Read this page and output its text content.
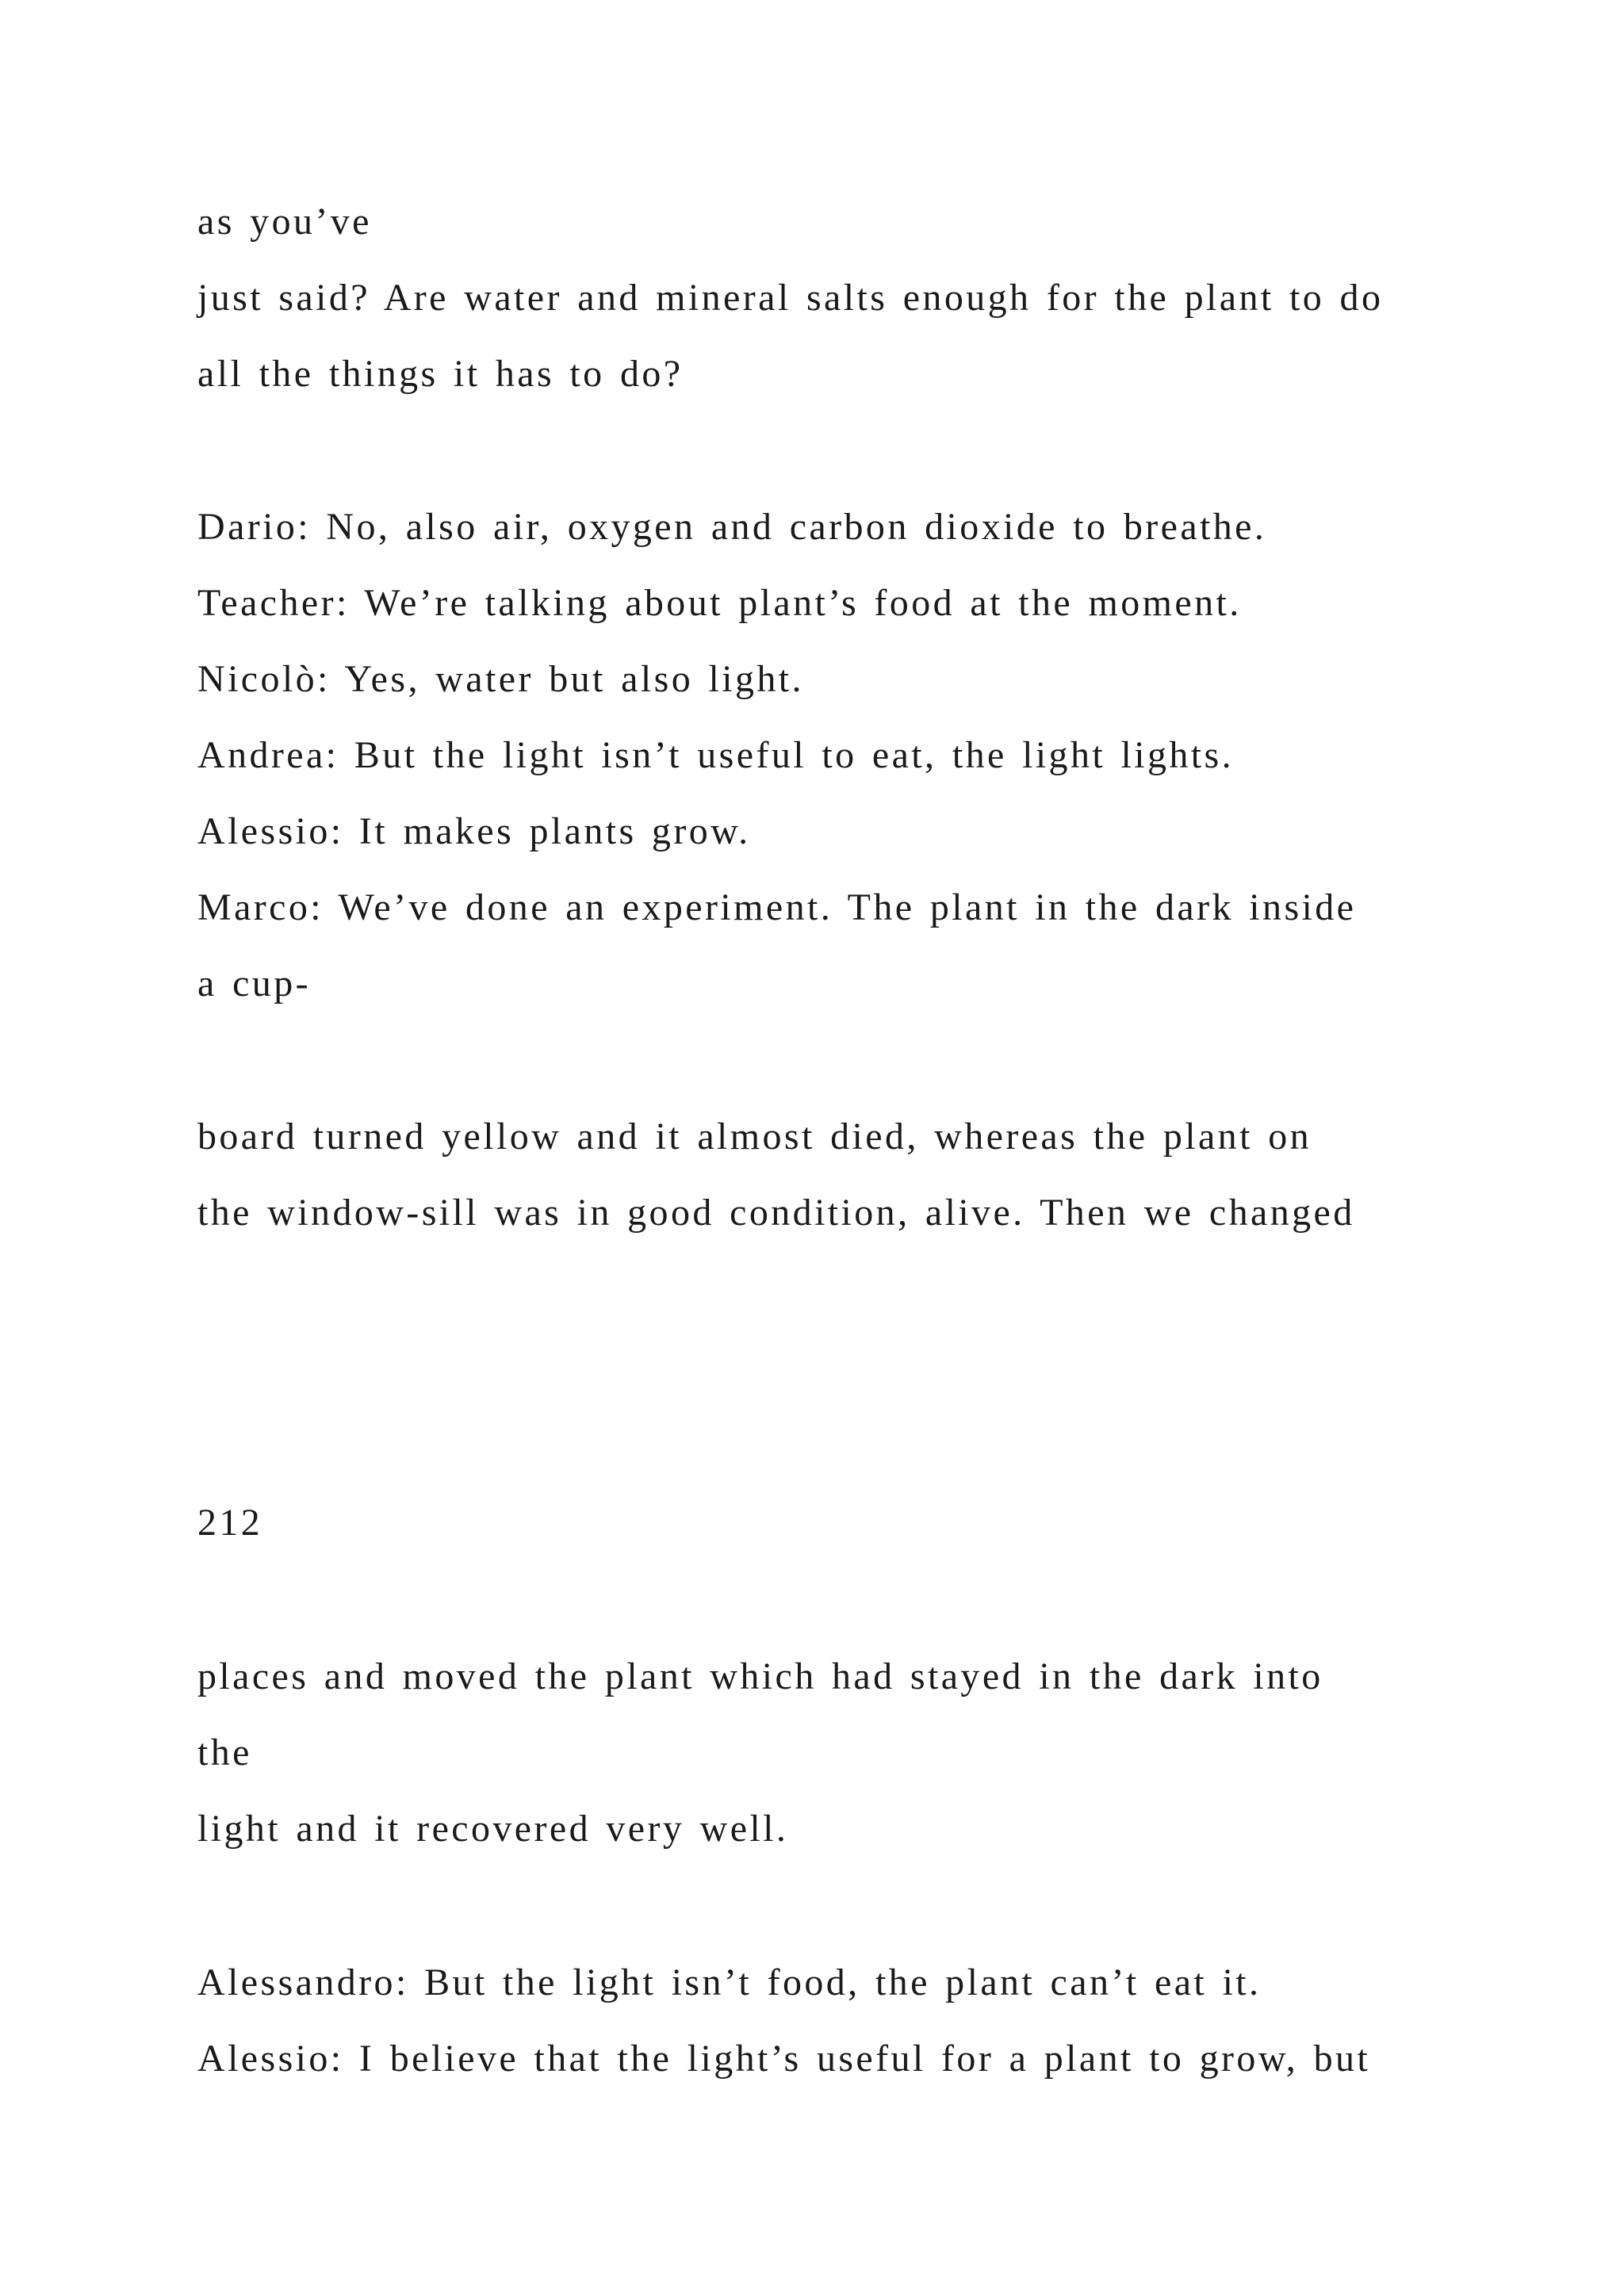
as you’ve
just said? Are water and mineral salts enough for the plant to do
all the things it has to do?
Dario: No, also air, oxygen and carbon dioxide to breathe.
Teacher: We’re talking about plant’s food at the moment.
Nicolò: Yes, water but also light.
Andrea: But the light isn’t useful to eat, the light lights.
Alessio: It makes plants grow.
Marco: We’ve done an experiment. The plant in the dark inside
a cup-
board turned yellow and it almost died, whereas the plant on
the window-sill was in good condition, alive. Then we changed
212
places and moved the plant which had stayed in the dark into
the
light and it recovered very well.
Alessandro: But the light isn’t food, the plant can’t eat it.
Alessio: I believe that the light’s useful for a plant to grow, but
